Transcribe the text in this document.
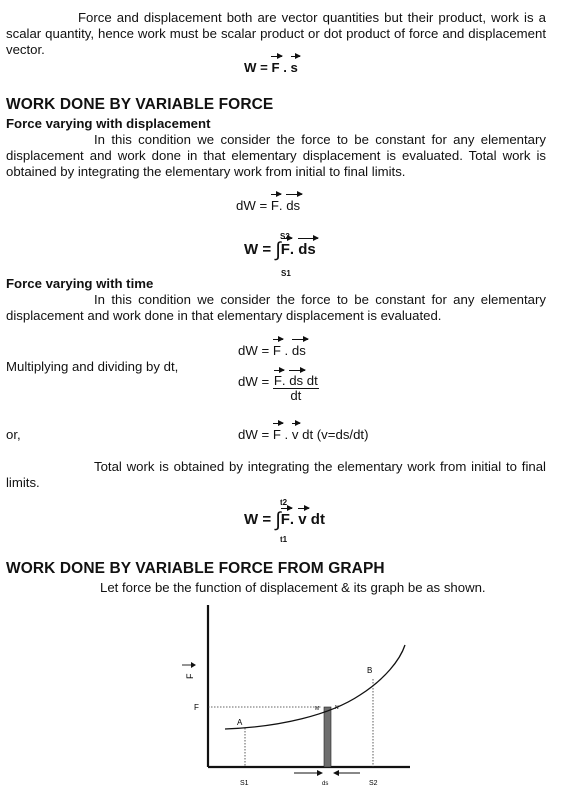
Force and displacement both are vector quantities but their product, work is a scalar quantity, hence work must be scalar product or dot product of force and displacement vector.
W = F . s
WORK DONE BY VARIABLE FORCE
Force varying with displacement
In this condition we consider the force to be constant for any elementary displacement and work done in that elementary displacement is evaluated. Total work is obtained by integrating the elementary work from initial to final limits.
dW = F. ds
W = ∫F. ds
S2
S1
Force varying with time
In this condition we consider the force to be constant for any elementary displacement and work done in that elementary displacement is evaluated.
dW = F . ds
Multiplying and dividing by dt,
dW = $\frac{\text{F. ds dt}}{dt}$
or,	dW = F . v dt (v=ds/dt)
Total work is obtained by integrating the elementary work from initial to final limits.
W = ∫F. v dt
t2
t1
WORK DONE BY VARIABLE FORCE FROM GRAPH
Let force be the function of displacement & its graph be as shown.
F
F
A
B
M	N
S1	S2
ds
